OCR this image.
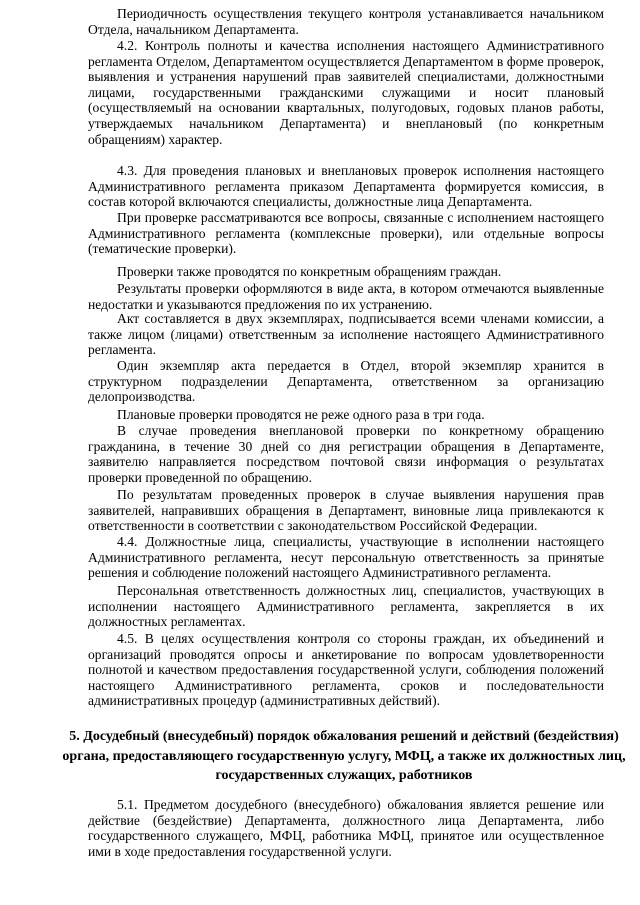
Периодичность осуществления текущего контроля устанавливается начальником Отдела, начальником Департамента.

4.2. Контроль полноты и качества исполнения настоящего Административного регламента Отделом, Департаментом осуществляется Департаментом в форме проверок, выявления и устранения нарушений прав заявителей специалистами, должностными лицами, государственными гражданскими служащими и носит плановый (осуществляемый на основании квартальных, полугодовых, годовых планов работы, утверждаемых начальником Департамента) и внеплановый (по конкретным обращениям) характер.

4.3. Для проведения плановых и внеплановых проверок исполнения настоящего Административного регламента приказом Департамента формируется комиссия, в состав которой включаются специалисты, должностные лица Департамента.

При проверке рассматриваются все вопросы, связанные с исполнением настоящего Административного регламента (комплексные проверки), или отдельные вопросы (тематические проверки).

Проверки также проводятся по конкретным обращениям граждан.

Результаты проверки оформляются в виде акта, в котором отмечаются выявленные недостатки и указываются предложения по их устранению.

Акт составляется в двух экземплярах, подписывается всеми членами комиссии, а также лицом (лицами) ответственным за исполнение настоящего Административного регламента.

Один экземпляр акта передается в Отдел, второй экземпляр хранится в структурном подразделении Департамента, ответственном за организацию делопроизводства.

Плановые проверки проводятся не реже одного раза в три года.

В случае проведения внеплановой проверки по конкретному обращению гражданина, в течение 30 дней со дня регистрации обращения в Департаменте, заявителю направляется посредством почтовой связи информация о результатах проверки проведенной по обращению.

По результатам проведенных проверок в случае выявления нарушения прав заявителей, направивших обращения в Департамент, виновные лица привлекаются к ответственности в соответствии с законодательством Российской Федерации.

4.4. Должностные лица, специалисты, участвующие в исполнении настоящего Административного регламента, несут персональную ответственность за принятые решения и соблюдение положений настоящего Административного регламента.

Персональная ответственность должностных лиц, специалистов, участвующих в исполнении настоящего Административного регламента, закрепляется в их должностных регламентах.

4.5. В целях осуществления контроля со стороны граждан, их объединений и организаций проводятся опросы и анкетирование по вопросам удовлетворенности полнотой и качеством предоставления государственной услуги, соблюдения положений настоящего Административного регламента, сроков и последовательности административных процедур (административных действий).

5. Досудебный (внесудебный) порядок обжалования решений и действий (бездействия) органа, предоставляющего государственную услугу, МФЦ, а также их должностных лиц, государственных служащих, работников

5.1. Предметом досудебного (внесудебного) обжалования является решение или действие (бездействие) Департамента, должностного лица Департамента, либо государственного служащего, МФЦ, работника МФЦ, принятое или осуществленное ими в ходе предоставления государственной услуги.
